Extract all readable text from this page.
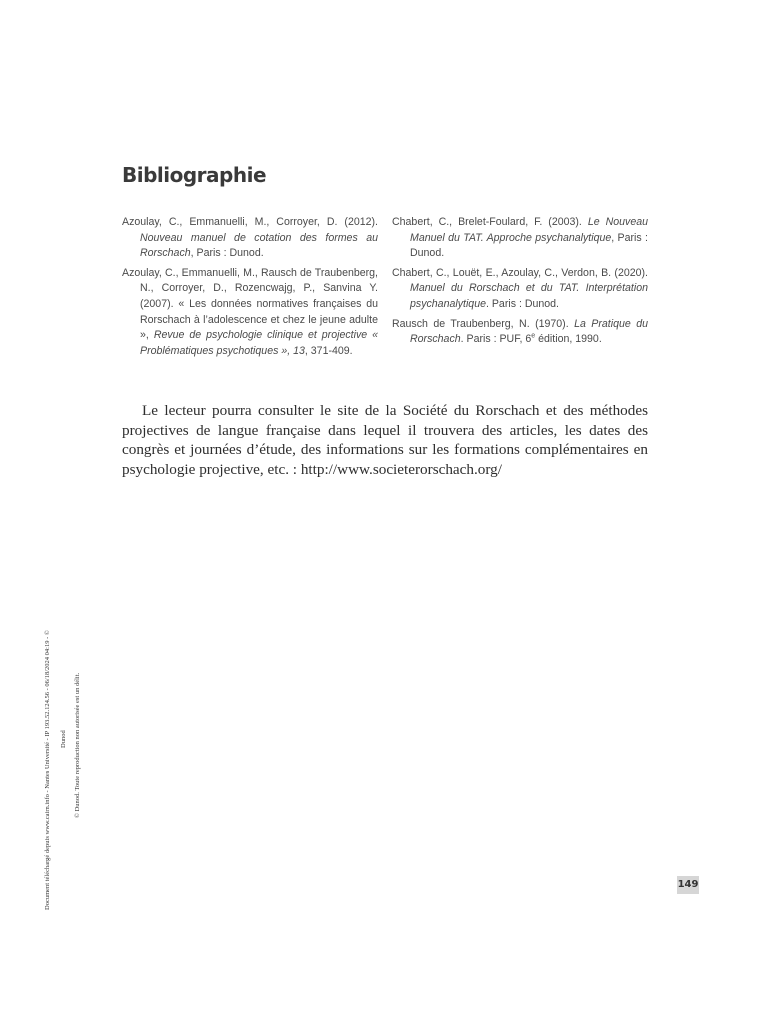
Bibliographie

Azoulay, C., Emmanuelli, M., Corroyer, D. (2012). Nouveau manuel de cotation des formes au Rorschach, Paris : Dunod.

Azoulay, C., Emmanuelli, M., Rausch de Traubenberg, N., Corroyer, D., Rozencwajg, P., Sanvina Y. (2007). « Les données normatives françaises du Rorschach à l’adolescence et chez le jeune adulte », Revue de psychologie clinique et projective « Problématiques psychotiques », 13, 371-409.

Chabert, C., Brelet-Foulard, F. (2003). Le Nouveau Manuel du TAT. Approche psychanalytique, Paris : Dunod.

Chabert, C., Louët, E., Azoulay, C., Verdon, B. (2020). Manuel du Rorschach et du TAT. Interprétation psychanalytique. Paris : Dunod.

Rausch de Traubenberg, N. (1970). La Pratique du Rorschach. Paris : PUF, 6e édition, 1990.

Le lecteur pourra consulter le site de la Société du Rorschach et des méthodes projectives de langue française dans lequel il trouvera des articles, les dates des congrès et journées d’étude, des informations sur les formations complémentaires en psychologie projective, etc. : http://www.societerorschach.org/

Document téléchargé depuis www.cairn.info - Nantes Université - IP 193.52.124.56 - 06/18/2024 04:19 - © Dunod © Dunod. Toute reproduction non autorisée est un délit.
149
